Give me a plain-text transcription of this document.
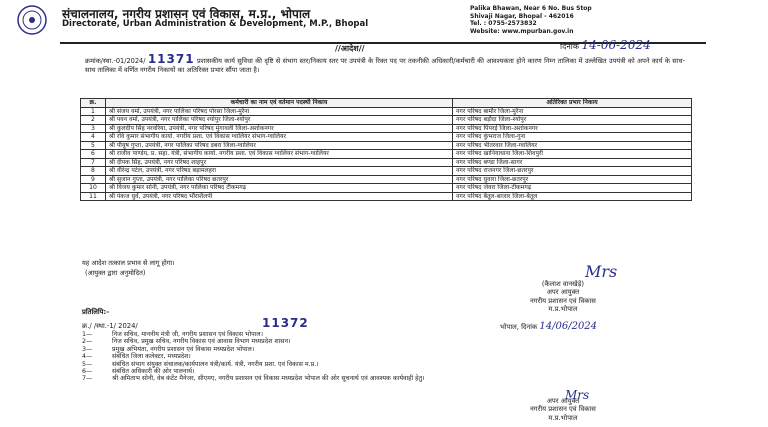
संचालनालय, नगरीय प्रशासन एवं विकास, म.प्र., भोपाल
Directorate, Urban Administration & Development, M.P., Bhopal
Palika Bhawan, Near 6 No. Bus Stop
Shivaji Nagar, Bhopal - 462016
Tel. : 0755-2573832
Website: www.mpurban.gov.in
//आदेश//	दिनांक 14-06-2024
क्रमांक/स्था.-01/2024/ 11371 प्रशासकीय कार्य सुविधा की दृष्टि से संभाग स्तर/निकाय स्तर पर उपयंत्री के रिक्त पद पर तकनीकी अधिकारी/कर्मचारी की आवश्यकता होने कारण निम्न तालिका में उल्लेखित उपयंत्री को अपने कार्य के साथ-साथ तालिका में वर्णित नगरीय निकायों का अतिरिक्त प्रभार सौंपा जाता है।
क्र.	कर्मचारी का नाम एवं वर्तमान पदस्थी निकाय	अतिरिक्त प्रभार निकाय
1	श्री संजय वर्मा, उपयंत्री, नगर पालिका परिषद पोरसा जिला-मुरैना	नगर परिषद बामौर जिला-मुरैना
2	श्री पवन वर्मा, उपयंत्री, नगर पालिका परिषद श्योपुर जिला-श्योपुर	नगर परिषद बड़ौदा जिला-श्योपुर
3	श्री कुलदीप सिंह नरवरिया, उपयंत्री, नगर परिषद मुंगावली जिला-अशोकनगर	नगर परिषद पिपरई जिला-अशोकनगर
4	श्री रवि कुमार संभागीय कार्या. नगरीय प्रशा. एवं विकास ग्वालियर संभाग-ग्वालियर	नगर परिषद कुंभराज जिला-गुना
5	श्री पीयूष गुप्ता, उपयंत्री, नगर पालिका परिषद डबरा जिला-ग्वालियर	नगर परिषद भीतरवार जिला-ग्वालियर
6	श्री राजीव पाण्डेय, प्र. सहा. यंत्री, संभागीय कार्या. नगरीय प्रशा. एवं विकास ग्वालियर संभाग-ग्वालियर	नगर परिषद खानियाधाना जिला-शिवपुरी
7	श्री दीपक सिंह, उपयंत्री, नगर परिषद शाहपुर	नगर परिषद बण्डा जिला-सागर
8	श्री वीरेन्द्र पटेल, उपयंत्री, नगर परिषद बड़ामलहरा	नगर परिषद राजनगर जिला-छतरपुर
9	श्री सुजान गुप्ता, उपयंत्री, नगर पालिका परिषद छतरपुर	नगर परिषद घुवारा जिला-छतरपुर
10	श्री विजय कुमार सोनी, उपयंत्री, नगर पालिका परिषद टीकमगढ़	नगर परिषद जेवरा जिला-टीकमगढ़
11	श्री पंकज धुर्वे, उपयंत्री, नगर परिषद भौंराशैलपी	नगर परिषद बैतूल-बाजार जिला-बैतूल
यह आदेश तत्काल प्रभाव से लागू होगा।
(आयुक्त द्वारा अनुमोदित)	Mrs
(कैलाश वानखेड़े)
अपर आयुक्त
नगरीय प्रशासन एवं विकास
म.प्र.भोपाल
प्रतिलिपि:-
क्र./ /स्था.-1/ 2024/	11372	भोपाल, दिनांक 14/06/2024
1—	निज सचिव, माननीय मंत्री जी, नगरीय प्रशासन एवं विकास भोपाल।
2—	निज सचिव, प्रमुख सचिव, नगरीय विकास एवं आवास विभाग मध्यप्रदेश शासन।
3—	प्रमुख अभियंता, नगरीय प्रशासन एवं विकास मध्यप्रदेश भोपाल।
4—	संबंधित जिला कलेक्टर, मध्यप्रदेश।
5—	संबंधित संभाग संयुक्त संचालक/कार्यपालन यंत्री/कार्य. यंत्री, नगरीय प्रशा. एवं विकास म.प्र.।
6—	संबंधित अधिकारी की ओर पालनार्थ।
7—	श्री अमिताभ सोनी, वेब कंटेंट मैनेजर, सीएमए, नगरीय प्रशासन एवं विकास मध्यप्रदेश भोपाल की ओर सूचनार्थ एवं आवश्यक कार्यवाही हेतु।
Mrs
अपर आयुक्त
नगरीय प्रशासन एवं विकास
म.प्र.भोपाल
